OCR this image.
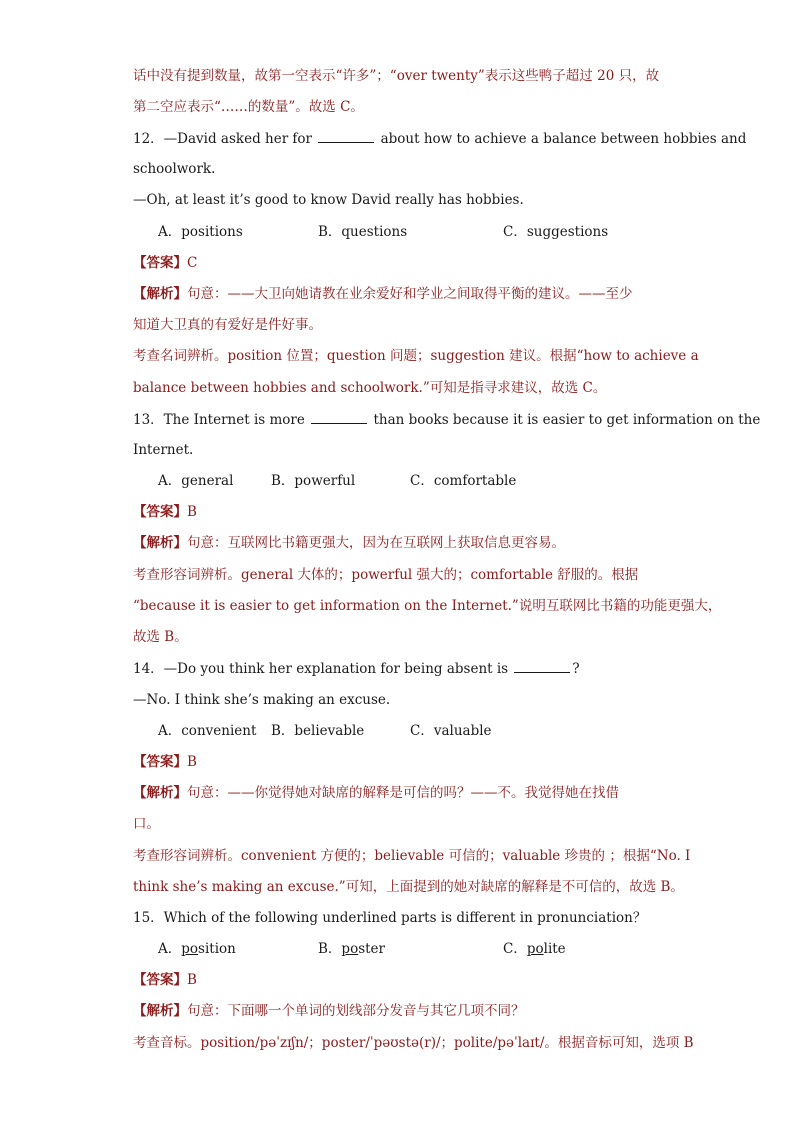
话中没有提到数量，故第一空表示“许多”；“over twenty”表示这些鸭子超过 20 只，故
第二空应表示“……的数量”。故选 C。
12．—David asked her for	about how to achieve a balance between hobbies and
schoolwork.
—Oh, at least it’s good to know David really has hobbies.
A．positions	B．questions	C．suggestions
【答案】C
【解析】句意：——大卫向她请教在业余爱好和学业之间取得平衡的建议。——至少
知道大卫真的有爱好是件好事。
考查名词辨析。position 位置；question 问题；suggestion 建议。根据“how to achieve a
balance between hobbies and schoolwork.”可知是指寻求建议，故选 C。
13．The Internet is more	than books because it is easier to get information on the
Internet.
A．general	B．powerful	C．comfortable
【答案】B
【解析】句意：互联网比书籍更强大，因为在互联网上获取信息更容易。
考查形容词辨析。general 大体的；powerful 强大的；comfortable 舒服的。根据
“because it is easier to get information on the Internet.”说明互联网比书籍的功能更强大，
故选 B。
14．—Do you think her explanation for being absent is	?
—No. I think she’s making an excuse.
A．convenient B．believable	C．valuable
【答案】B
【解析】句意：——你觉得她对缺席的解释是可信的吗？——不。我觉得她在找借
口。
考查形容词辨析。convenient 方便的；believable 可信的；valuable 珍贵的 ；根据“No. I
think she’s making an excuse.”可知，上面提到的她对缺席的解释是不可信的，故选 B。
15．Which of the following underlined parts is different in pronunciation？
A．position	B．poster	C．polite
【答案】B
【解析】句意：下面哪一个单词的划线部分发音与其它几项不同？
考查音标。position/pəˈzɪʃn/；poster/ˈpəʊstə(r)/；polite/pəˈlaɪt/。根据音标可知，选项 B
